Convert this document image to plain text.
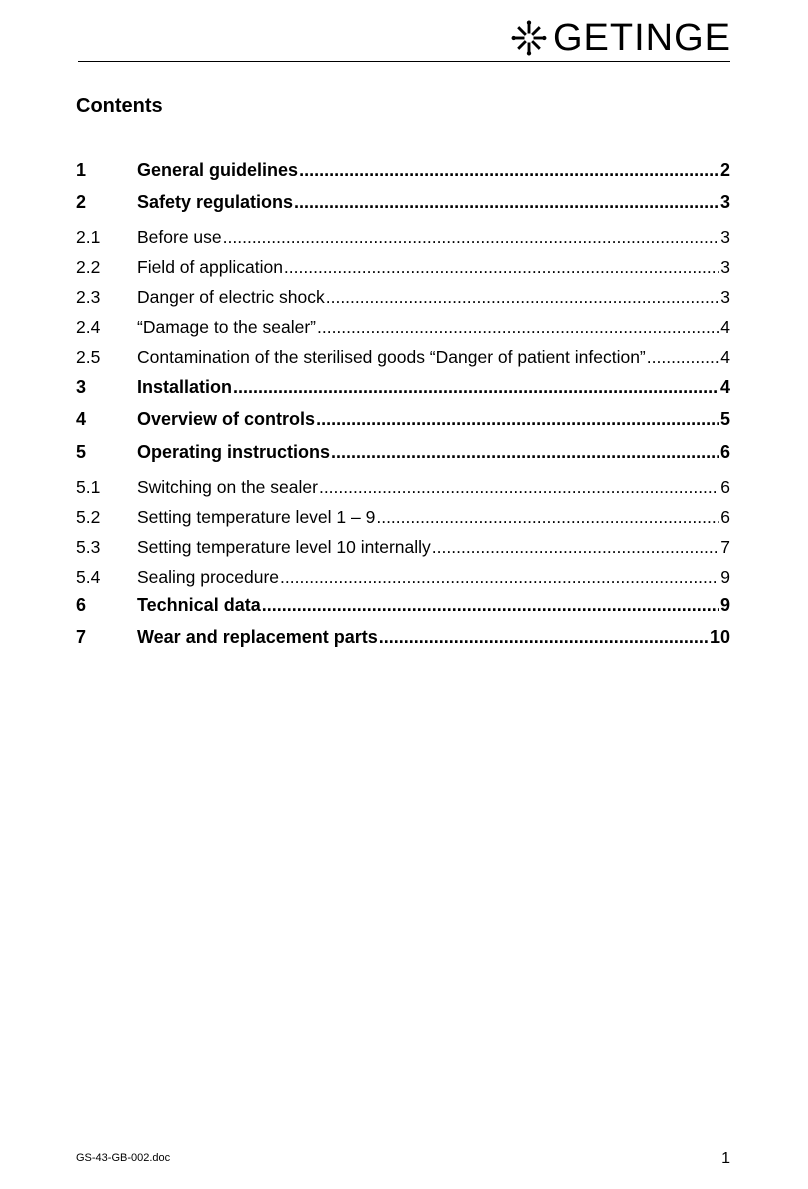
GETINGE
Contents
1	General guidelines .....	2
2	Safety regulations .....	3
2.1	Before use .....	3
2.2	Field of application .....	3
2.3	Danger of electric shock .....	3
2.4	“Damage to the sealer” .....	4
2.5	Contamination of the sterilised goods “Danger of patient infection” .....	4
3	Installation .....	4
4	Overview of controls .....	5
5	Operating instructions .....	6
5.1	Switching on the sealer .....	6
5.2	Setting temperature level 1 – 9 .....	6
5.3	Setting temperature level 10 internally .....	7
5.4	Sealing procedure .....	9
6	Technical data .....	9
7	Wear and replacement parts .....	10
GS-43-GB-002.doc	1
